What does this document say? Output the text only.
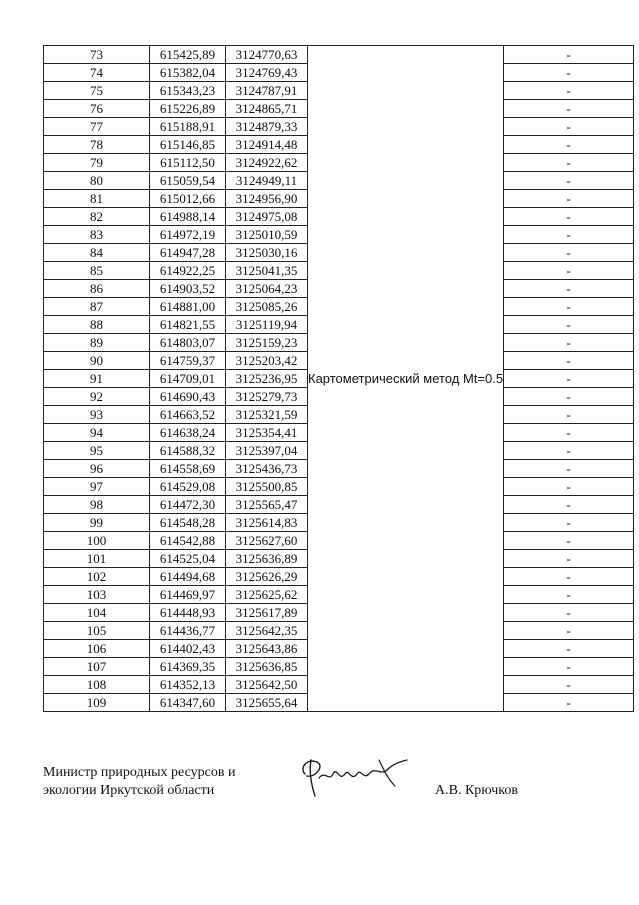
73	615425,89	3124770,63	Картометрический метод Mt=0.5	-
74	615382,04	3124769,43		-
75	615343,23	3124787,91		-
76	615226,89	3124865,71		-
77	615188,91	3124879,33		-
78	615146,85	3124914,48		-
79	615112,50	3124922,62		-
80	615059,54	3124949,11		-
81	615012,66	3124956,90		-
82	614988,14	3124975,08		-
83	614972,19	3125010,59		-
84	614947,28	3125030,16		-
85	614922,25	3125041,35		-
86	614903,52	3125064,23		-
87	614881,00	3125085,26		-
88	614821,55	3125119,94		-
89	614803,07	3125159,23		-
90	614759,37	3125203,42		-
91	614709,01	3125236,95		-
92	614690,43	3125279,73		-
93	614663,52	3125321,59		-
94	614638,24	3125354,41		-
95	614588,32	3125397,04		-
96	614558,69	3125436,73		-
97	614529,08	3125500,85		-
98	614472,30	3125565,47		-
99	614548,28	3125614,83		-
100	614542,88	3125627,60		-
101	614525,04	3125636,89		-
102	614494,68	3125626,29		-
103	614469,97	3125625,62		-
104	614448,93	3125617,89		-
105	614436,77	3125642,35		-
106	614402,43	3125643,86		-
107	614369,35	3125636,85		-
108	614352,13	3125642,50		-
109	614347,60	3125655,64		-
Министр природных ресурсов и
экологии Иркутской области	А.В. Крючков
